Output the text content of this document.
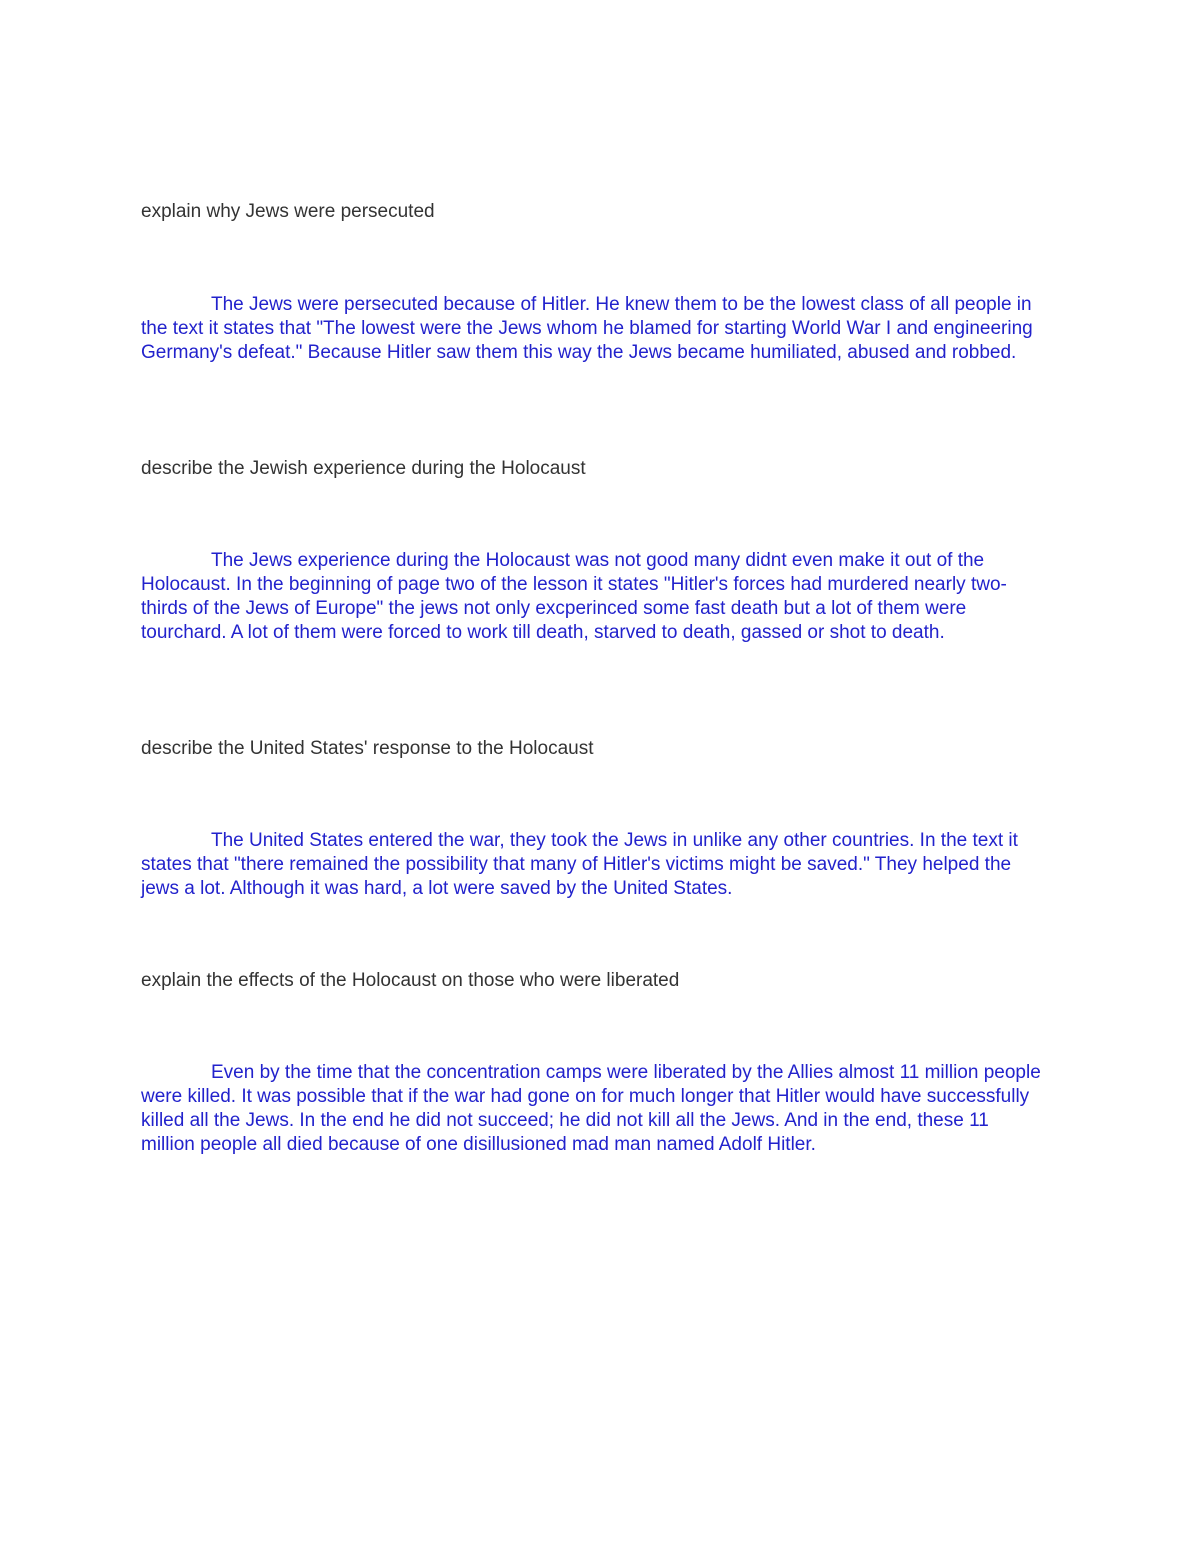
explain why Jews were persecuted

The Jews were persecuted because of Hitler. He knew them to be the lowest class of all people in the text it states that "The lowest were the Jews whom he blamed for starting World War I and engineering Germany's defeat." Because Hitler saw them this way the Jews became humiliated, abused and robbed.

describe the Jewish experience during the Holocaust

The Jews experience during the Holocaust was not good many didnt even make it out of the Holocaust. In the beginning of page two of the lesson it states "Hitler's forces had murdered nearly two-thirds of the Jews of Europe" the jews not only excperinced some fast death but a lot of them were tourchard. A lot of them were forced to work till death, starved to death, gassed or shot to death.

describe the United States' response to the Holocaust

The United States entered the war, they took the Jews in unlike any other countries. In the text it states that "there remained the possibility that many of Hitler's victims might be saved." They helped the jews a lot. Although it was hard, a lot were saved by the United States.

explain the effects of the Holocaust on those who were liberated

Even by the time that the concentration camps were liberated by the Allies almost 11 million people were killed. It was possible that if the war had gone on for much longer that Hitler would have successfully killed all the Jews. In the end he did not succeed; he did not kill all the Jews. And in the end, these 11 million people all died because of one disillusioned mad man named Adolf Hitler.
